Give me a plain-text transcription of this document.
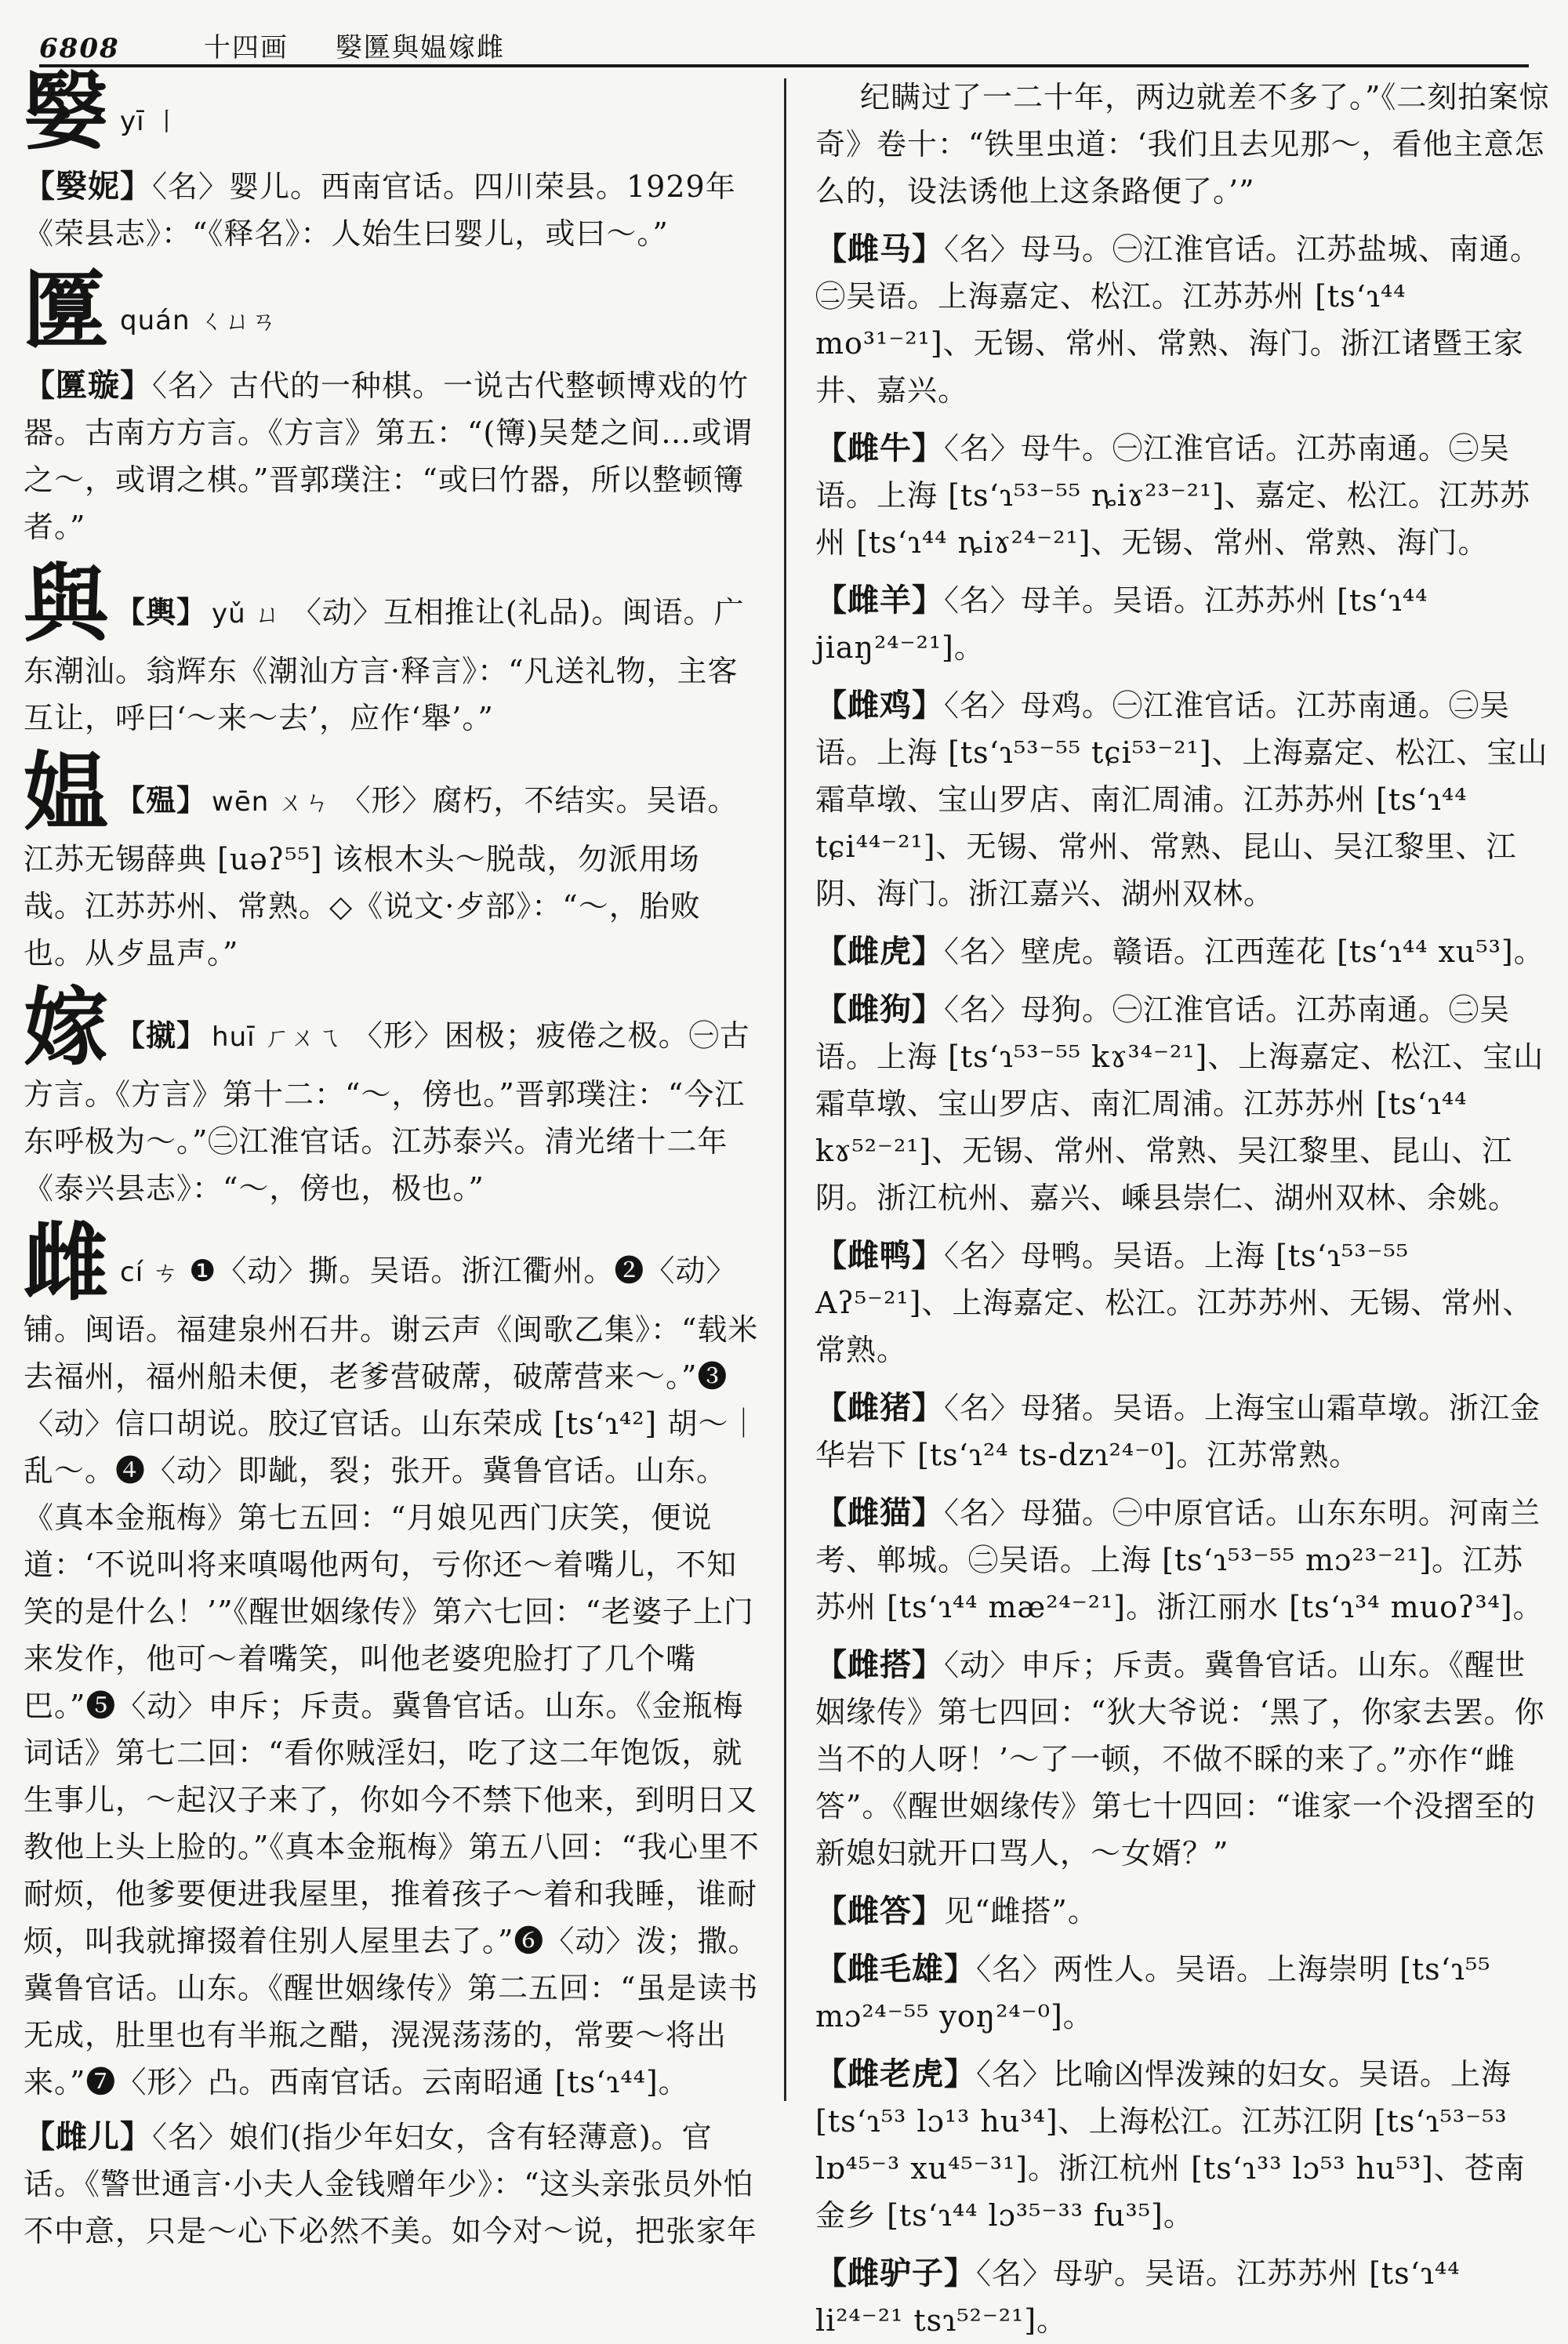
6808	十四画 嫛匴與媪嫁雌
嫛yī 丨
【嫛妮】〈名〉婴儿。西南官话。四川荣县。1929年《荣县志》：“《释名》：人始生曰婴儿，或曰～。”
匴quán ㄑㄩㄢ
【匴璇】〈名〉古代的一种棋。一说古代整顿博戏的竹器。古南方方言。《方言》第五：“(簙)吴楚之间…或谓之～，或谓之棋。”晋郭璞注：“或曰竹器，所以整顿簙者。”
與 【輿】 yǔ ㄩ 〈动〉互相推让(礼品)。闽语。广东潮汕。翁辉东《潮汕方言·释言》：“凡送礼物，主客互让，呼曰‘～来～去’，应作‘舉’。”
媪 【殟】 wēn ㄨㄣ 〈形〉腐朽，不结实。吴语。江苏无锡薛典 [uəʔ⁵⁵] 该根木头～脱哉，勿派用场哉。江苏苏州、常熟。◇《说文·歺部》：“～，胎败也。从歺昷声。”
嫁 【㩆】 huī ㄏㄨㄟ 〈形〉困极；疲倦之极。㊀古方言。《方言》第十二：“～，傍也。”晋郭璞注：“今江东呼极为～。”㊁江淮官话。江苏泰兴。清光绪十二年《泰兴县志》：“～，傍也，极也。”
雌cí ㄘ ❶〈动〉撕。吴语。浙江衢州。❷〈动〉铺。闽语。福建泉州石井。谢云声《闽歌乙集》：“载米去福州，福州船未便，老爹营破蓆，破蓆营来～。”❸〈动〉信口胡说。胶辽官话。山东荣成 [tsʻɿ⁴²] 胡～｜乱～。❹〈动〉即龇，裂；张开。冀鲁官话。山东。《真本金瓶梅》第七五回：“月娘见西门庆笑，便说道：‘不说叫将来嗔喝他两句，亏你还～着嘴儿，不知笑的是什么！’”《醒世姻缘传》第六七回：“老婆子上门来发作，他可～着嘴笑，叫他老婆兜脸打了几个嘴巴。”❺〈动〉申斥；斥责。冀鲁官话。山东。《金瓶梅词话》第七二回：“看你贼淫妇，吃了这二年饱饭，就生事儿，～起汉子来了，你如今不禁下他来，到明日又教他上头上脸的。”《真本金瓶梅》第五八回：“我心里不耐烦，他爹要便进我屋里，推着孩子～着和我睡，谁耐烦，叫我就撺掇着住别人屋里去了。”❻〈动〉泼；撒。冀鲁官话。山东。《醒世姻缘传》第二五回：“虽是读书无成，肚里也有半瓶之醋，滉滉荡荡的，常要～将出来。”❼〈形〉凸。西南官话。云南昭通 [tsʻɿ⁴⁴]。
【雌儿】〈名〉娘们(指少年妇女，含有轻薄意)。官话。《警世通言·小夫人金钱赠年少》：“这头亲张员外怕不中意，只是～心下必然不美。如今对～说，把张家年
纪瞒过了一二十年，两边就差不多了。”《二刻拍案惊奇》卷十：“铁里虫道：‘我们且去见那～，看他主意怎么的，设法诱他上这条路便了。’”
【雌马】〈名〉母马。㊀江淮官话。江苏盐城、南通。㊁吴语。上海嘉定、松江。江苏苏州 [tsʻɿ⁴⁴ mo³¹⁻²¹]、无锡、常州、常熟、海门。浙江诸暨王家井、嘉兴。
【雌牛】〈名〉母牛。㊀江淮官话。江苏南通。㊁吴语。上海 [tsʻɿ⁵³⁻⁵⁵ ȵiɤ²³⁻²¹]、嘉定、松江。江苏苏州 [tsʻɿ⁴⁴ ȵiɤ²⁴⁻²¹]、无锡、常州、常熟、海门。
【雌羊】〈名〉母羊。吴语。江苏苏州 [tsʻɿ⁴⁴ jiaŋ²⁴⁻²¹]。
【雌鸡】〈名〉母鸡。㊀江淮官话。江苏南通。㊁吴语。上海 [tsʻɿ⁵³⁻⁵⁵ tɕi⁵³⁻²¹]、上海嘉定、松江、宝山霜草墩、宝山罗店、南汇周浦。江苏苏州 [tsʻɿ⁴⁴ tɕi⁴⁴⁻²¹]、无锡、常州、常熟、昆山、吴江黎里、江阴、海门。浙江嘉兴、湖州双林。
【雌虎】〈名〉壁虎。赣语。江西莲花 [tsʻɿ⁴⁴ xu⁵³]。
【雌狗】〈名〉母狗。㊀江淮官话。江苏南通。㊁吴语。上海 [tsʻɿ⁵³⁻⁵⁵ kɤ³⁴⁻²¹]、上海嘉定、松江、宝山霜草墩、宝山罗店、南汇周浦。江苏苏州 [tsʻɿ⁴⁴ kɤ⁵²⁻²¹]、无锡、常州、常熟、吴江黎里、昆山、江阴。浙江杭州、嘉兴、嵊县崇仁、湖州双林、余姚。
【雌鸭】〈名〉母鸭。吴语。上海 [tsʻɿ⁵³⁻⁵⁵ Aʔ⁵⁻²¹]、上海嘉定、松江。江苏苏州、无锡、常州、常熟。
【雌猪】〈名〉母猪。吴语。上海宝山霜草墩。浙江金华岩下 [tsʻɿ²⁴ ts-dzɿ²⁴⁻⁰]。江苏常熟。
【雌猫】〈名〉母猫。㊀中原官话。山东东明。河南兰考、郸城。㊁吴语。上海 [tsʻɿ⁵³⁻⁵⁵ mɔ²³⁻²¹]。江苏苏州 [tsʻɿ⁴⁴ mæ²⁴⁻²¹]。浙江丽水 [tsʻɿ³⁴ muoʔ³⁴]。
【雌搭】〈动〉申斥；斥责。冀鲁官话。山东。《醒世姻缘传》第七四回：“狄大爷说：‘黑了，你家去罢。你当不的人呀！’～了一顿，不做不睬的来了。”亦作“雌答”。《醒世姻缘传》第七十四回：“谁家一个没摺至的新媳妇就开口骂人，～女婿？”
【雌答】见“雌搭”。
【雌毛雄】〈名〉两性人。吴语。上海崇明 [tsʻɿ⁵⁵ mɔ²⁴⁻⁵⁵ yoŋ²⁴⁻⁰]。
【雌老虎】〈名〉比喻凶悍泼辣的妇女。吴语。上海 [tsʻɿ⁵³ lɔ¹³ hu³⁴]、上海松江。江苏江阴 [tsʻɿ⁵³⁻⁵³ lɒ⁴⁵⁻³ xu⁴⁵⁻³¹]。浙江杭州 [tsʻɿ³³ lɔ⁵³ hu⁵³]、苍南金乡 [tsʻɿ⁴⁴ lɔ³⁵⁻³³ fu³⁵]。
【雌驴子】〈名〉母驴。吴语。江苏苏州 [tsʻɿ⁴⁴ li²⁴⁻²¹ tsɿ⁵²⁻²¹]。
